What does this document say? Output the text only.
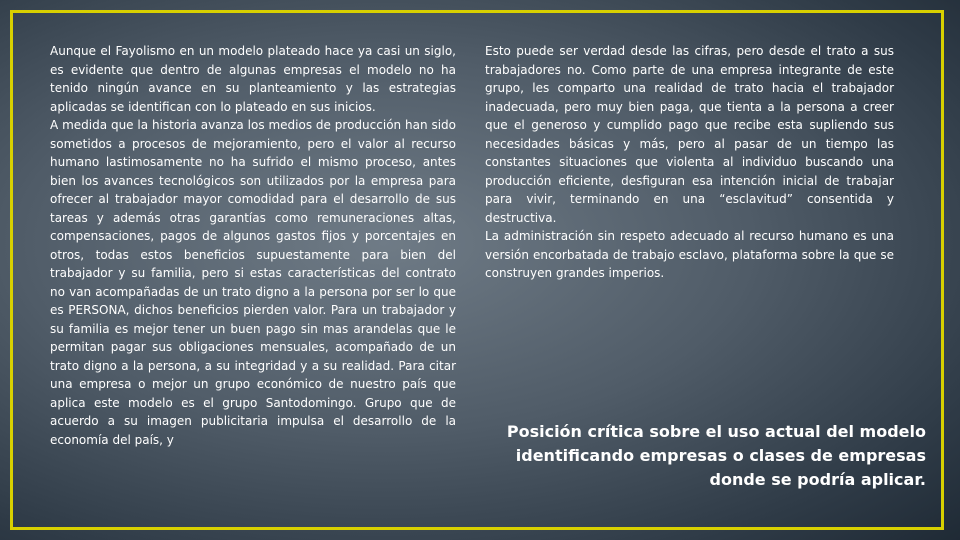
Aunque el Fayolismo en un modelo plateado hace ya casi un siglo, es evidente que dentro de algunas empresas el modelo no ha tenido ningún avance en su planteamiento y las estrategias aplicadas se identifican con lo plateado en sus inicios.

A medida que la historia avanza los medios de producción han sido sometidos a procesos de mejoramiento, pero el valor al recurso humano lastimosamente no ha sufrido el mismo proceso, antes bien los avances tecnológicos son utilizados por la empresa para ofrecer al trabajador mayor comodidad para el desarrollo de sus tareas y además otras garantías como remuneraciones altas, compensaciones, pagos de algunos gastos fijos y porcentajes en otros, todas estos beneficios supuestamente para bien del trabajador y su familia, pero si estas características del contrato no van acompañadas de un trato digno a la persona por ser lo que es PERSONA, dichos beneficios pierden valor. Para un trabajador y su familia es mejor tener un buen pago sin mas arandelas que le permitan pagar sus obligaciones mensuales, acompañado de un trato digno a la persona, a su integridad y a su realidad. Para citar una empresa o mejor un grupo económico de nuestro país que aplica este modelo es el grupo Santodomingo. Grupo que de acuerdo a su imagen publicitaria impulsa el desarrollo de la economía del país, y

Esto puede ser verdad desde las cifras, pero desde el trato a sus trabajadores no. Como parte de una empresa integrante de este grupo, les comparto una realidad de trato hacia el trabajador inadecuada, pero muy bien paga, que tienta a la persona a creer que el generoso y cumplido pago que recibe esta supliendo sus necesidades básicas y más, pero al pasar de un tiempo las constantes situaciones que violenta al individuo buscando una producción eficiente, desfiguran esa intención inicial de trabajar para vivir, terminando en una “esclavitud” consentida y destructiva.

La administración sin respeto adecuado al recurso humano es una versión encorbatada de trabajo esclavo, plataforma sobre la que se construyen grandes imperios.

Posición crítica sobre el uso actual del modelo identificando empresas o clases de empresas donde se podría aplicar.
